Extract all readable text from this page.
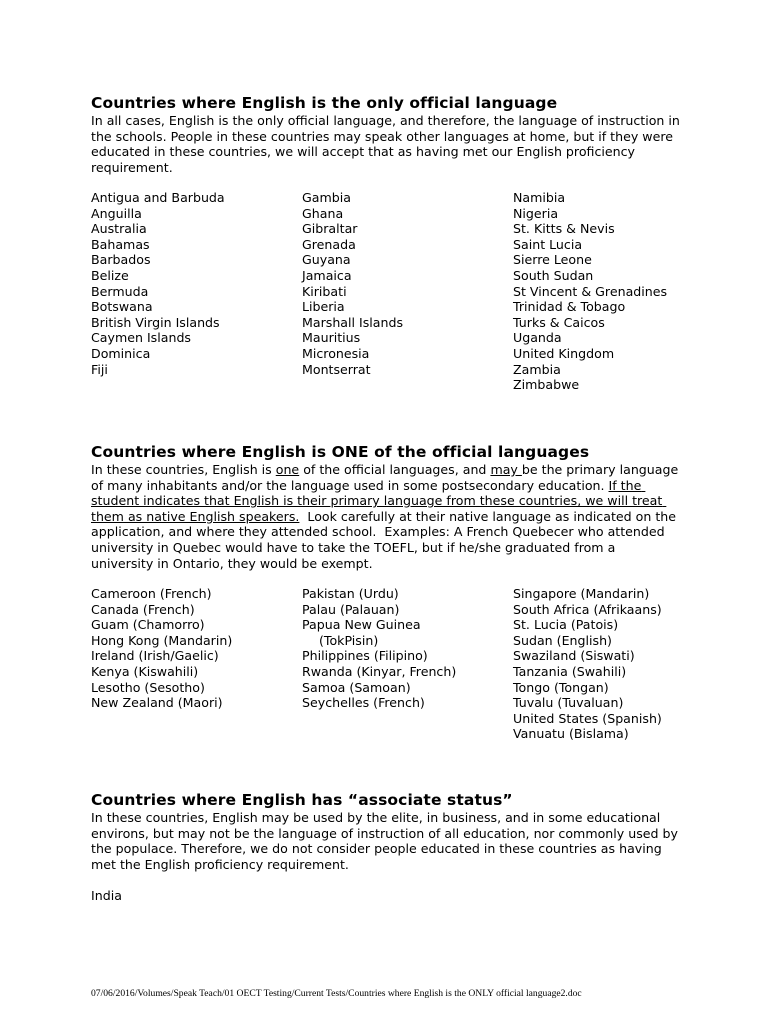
Countries where English is the only official language

In all cases, English is the only official language, and therefore, the language of instruction in the schools. People in these countries may speak other languages at home, but if they were educated in these countries, we will accept that as having met our English proficiency requirement.

Antigua and Barbuda
Anguilla
Australia
Bahamas
Barbados
Belize
Bermuda
Botswana
British Virgin Islands
Caymen Islands
Dominica
Fiji
Gambia
Ghana
Gibraltar
Grenada
Guyana
Jamaica
Kiribati
Liberia
Marshall Islands
Mauritius
Micronesia
Montserrat
Namibia
Nigeria
St. Kitts & Nevis
Saint Lucia
Sierre Leone
South Sudan
St Vincent & Grenadines
Trinidad & Tobago
Turks & Caicos
Uganda
United Kingdom
Zambia
Zimbabwe
Countries where English is ONE of the official languages

In these countries, English is one of the official languages, and may be the primary language of many inhabitants and/or the language used in some postsecondary education. If the student indicates that English is their primary language from these countries, we will treat them as native English speakers.  Look carefully at their native language as indicated on the application, and where they attended school.  Examples: A French Quebecer who attended university in Quebec would have to take the TOEFL, but if he/she graduated from a university in Ontario, they would be exempt.

Cameroon (French)
Canada (French)
Guam (Chamorro)
Hong Kong (Mandarin)
Ireland (Irish/Gaelic)
Kenya (Kiswahili)
Lesotho (Sesotho)
New Zealand (Maori)
Pakistan (Urdu)
Palau (Palauan)
Papua New Guinea
(TokPisin)
Philippines (Filipino)
Rwanda (Kinyar, French)
Samoa (Samoan)
Seychelles (French)
Singapore (Mandarin)
South Africa (Afrikaans)
St. Lucia (Patois)
Sudan (English)
Swaziland (Siswati)
Tanzania (Swahili)
Tongo (Tongan)
Tuvalu (Tuvaluan)
United States (Spanish)
Vanuatu (Bislama)
Countries where English has “associate status”

In these countries, English may be used by the elite, in business, and in some educational environs, but may not be the language of instruction of all education, nor commonly used by the populace. Therefore, we do not consider people educated in these countries as having met the English proficiency requirement.

India
07/06/2016/Volumes/Speak Teach/01 OECT Testing/Current Tests/Countries where English is the ONLY official language2.doc
